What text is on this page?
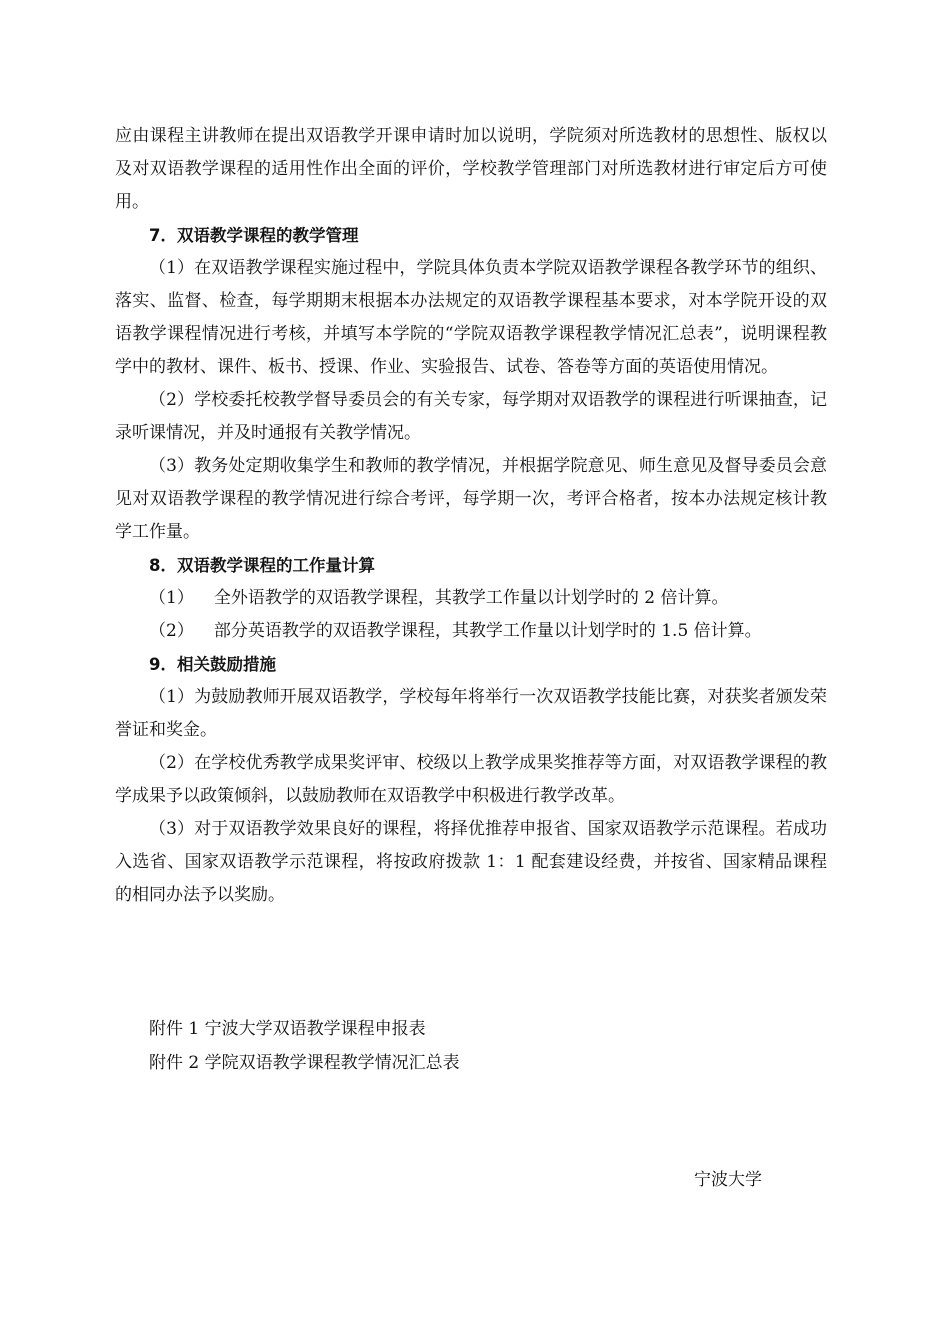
应由课程主讲教师在提出双语教学开课申请时加以说明，学院须对所选教材的思想性、版权以及对双语教学课程的适用性作出全面的评价，学校教学管理部门对所选教材进行审定后方可使用。

7．双语教学课程的教学管理

（1）在双语教学课程实施过程中，学院具体负责本学院双语教学课程各教学环节的组织、落实、监督、检查，每学期期末根据本办法规定的双语教学课程基本要求，对本学院开设的双语教学课程情况进行考核，并填写本学院的“学院双语教学课程教学情况汇总表”，说明课程教学中的教材、课件、板书、授课、作业、实验报告、试卷、答卷等方面的英语使用情况。

（2）学校委托校教学督导委员会的有关专家，每学期对双语教学的课程进行听课抽查，记录听课情况，并及时通报有关教学情况。

（3）教务处定期收集学生和教师的教学情况，并根据学院意见、师生意见及督导委员会意见对双语教学课程的教学情况进行综合考评，每学期一次，考评合格者，按本办法规定核计教学工作量。

8．双语教学课程的工作量计算

（1） 全外语教学的双语教学课程，其教学工作量以计划学时的 2 倍计算。

（2） 部分英语教学的双语教学课程，其教学工作量以计划学时的 1.5 倍计算。

9．相关鼓励措施

（1）为鼓励教师开展双语教学，学校每年将举行一次双语教学技能比赛，对获奖者颁发荣誉证和奖金。

（2）在学校优秀教学成果奖评审、校级以上教学成果奖推荐等方面，对双语教学课程的教学成果予以政策倾斜，以鼓励教师在双语教学中积极进行教学改革。

（3）对于双语教学效果良好的课程，将择优推荐申报省、国家双语教学示范课程。若成功入选省、国家双语教学示范课程，将按政府拨款 1：1 配套建设经费，并按省、国家精品课程的相同办法予以奖励。

附件 1 宁波大学双语教学课程申报表

附件 2 学院双语教学课程教学情况汇总表

宁波大学
